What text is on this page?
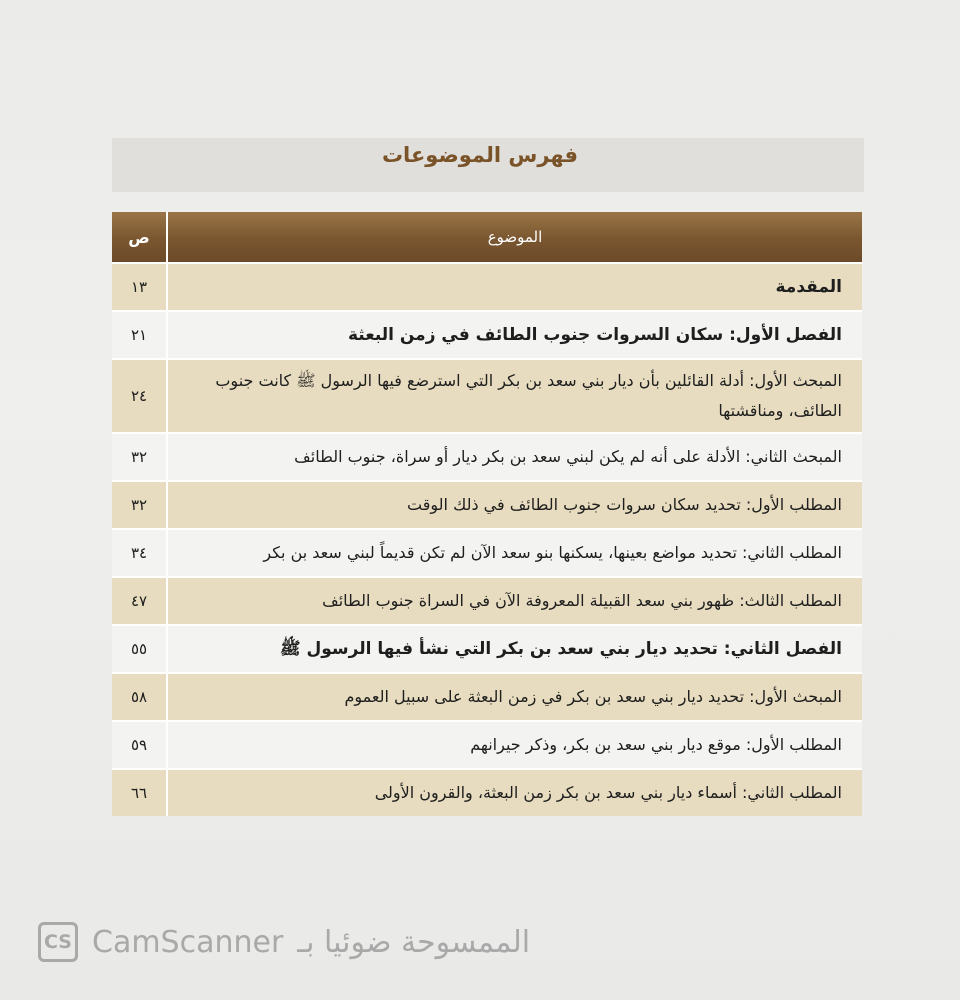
فهرس الموضوعات
الموضوع
ص
المقدمة
١٣
الفصل الأول: سكان السروات جنوب الطائف في زمن البعثة
٢١
المبحث الأول: أدلة القائلين بأن ديار بني سعد بن بكر التي استرضع فيها الرسول ﷺ كانت جنوب الطائف، ومناقشتها
٢٤
المبحث الثاني: الأدلة على أنه لم يكن لبني سعد بن بكر ديار أو سراة، جنوب الطائف
٣٢
المطلب الأول: تحديد سكان سروات جنوب الطائف في ذلك الوقت
٣٢
المطلب الثاني: تحديد مواضع بعينها، يسكنها بنو سعد الآن لم تكن قديماً لبني سعد بن بكر
٣٤
المطلب الثالث: ظهور بني سعد القبيلة المعروفة الآن في السراة جنوب الطائف
٤٧
الفصل الثاني: تحديد ديار بني سعد بن بكر التي نشأ فيها الرسول ﷺ
٥٥
المبحث الأول: تحديد ديار بني سعد بن بكر في زمن البعثة على سبيل العموم
٥٨
المطلب الأول: موقع ديار بني سعد بن بكر، وذكر جيرانهم
٥٩
المطلب الثاني: أسماء ديار بني سعد بن بكر زمن البعثة، والقرون الأولى
٦٦
CS CamScanner الممسوحة ضوئيا بـ
